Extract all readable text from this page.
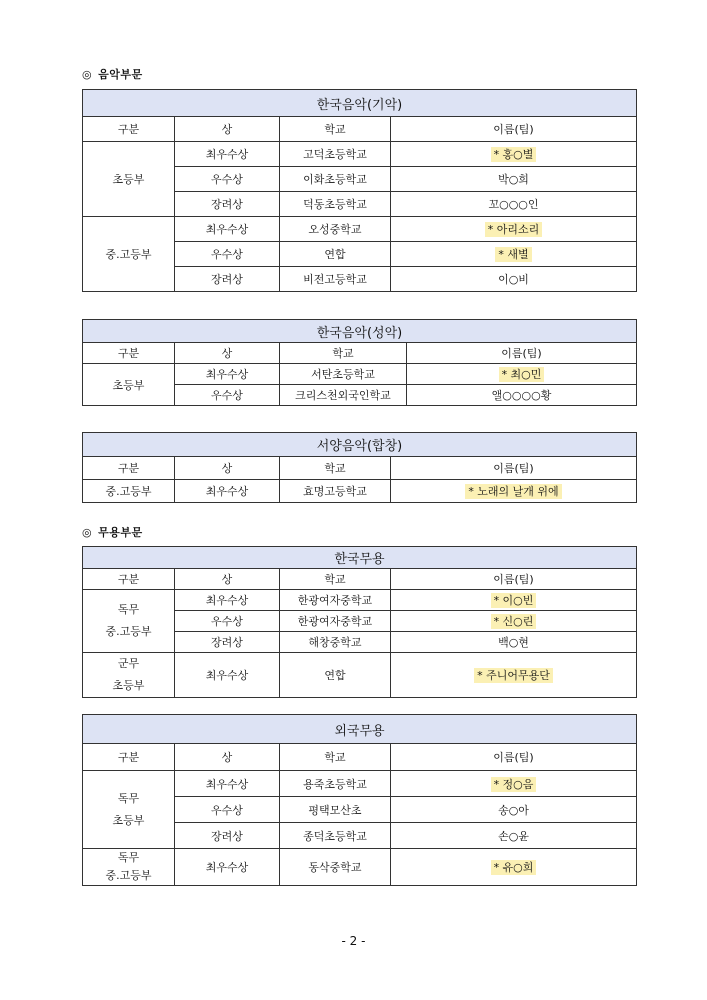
◎ 음악부문
한국음악(기악)			
구분	상	학교	이름(팀)
초등부	최우수상	고덕초등학교	* 홍○별
	우수상	이화초등학교	박○희
	장려상	덕동초등학교	꼬○○○인
중.고등부	최우수상	오성중학교	* 아리소리
	우수상	연합	* 새별
	장려상	비전고등학교	이○비
한국음악(성악)			
구분	상	학교	이름(팀)
초등부	최우수상	서탄초등학교	* 최○민
	우수상	크리스천외국인학교	앨○○○○황
서양음악(합창)			
구분	상	학교	이름(팀)
중.고등부	최우수상	효명고등학교	* 노래의 날개 위에
◎ 무용부문
한국무용			
구분	상	학교	이름(팀)

독무
중.고등부	최우수상	한광여자중학교	* 이○빈
	우수상	한광여자중학교	* 신○린
	장려상	해창중학교	백○현

군무
초등부	최우수상	연합	* 주니어무용단
외국무용			
구분	상	학교	이름(팀)

독무
초등부	최우수상	용죽초등학교	* 정○음
	우수상	평택모산초	송○아
	장려상	종덕초등학교	손○윤

독무
중.고등부	최우수상	동삭중학교	* 유○희
- 2 -
